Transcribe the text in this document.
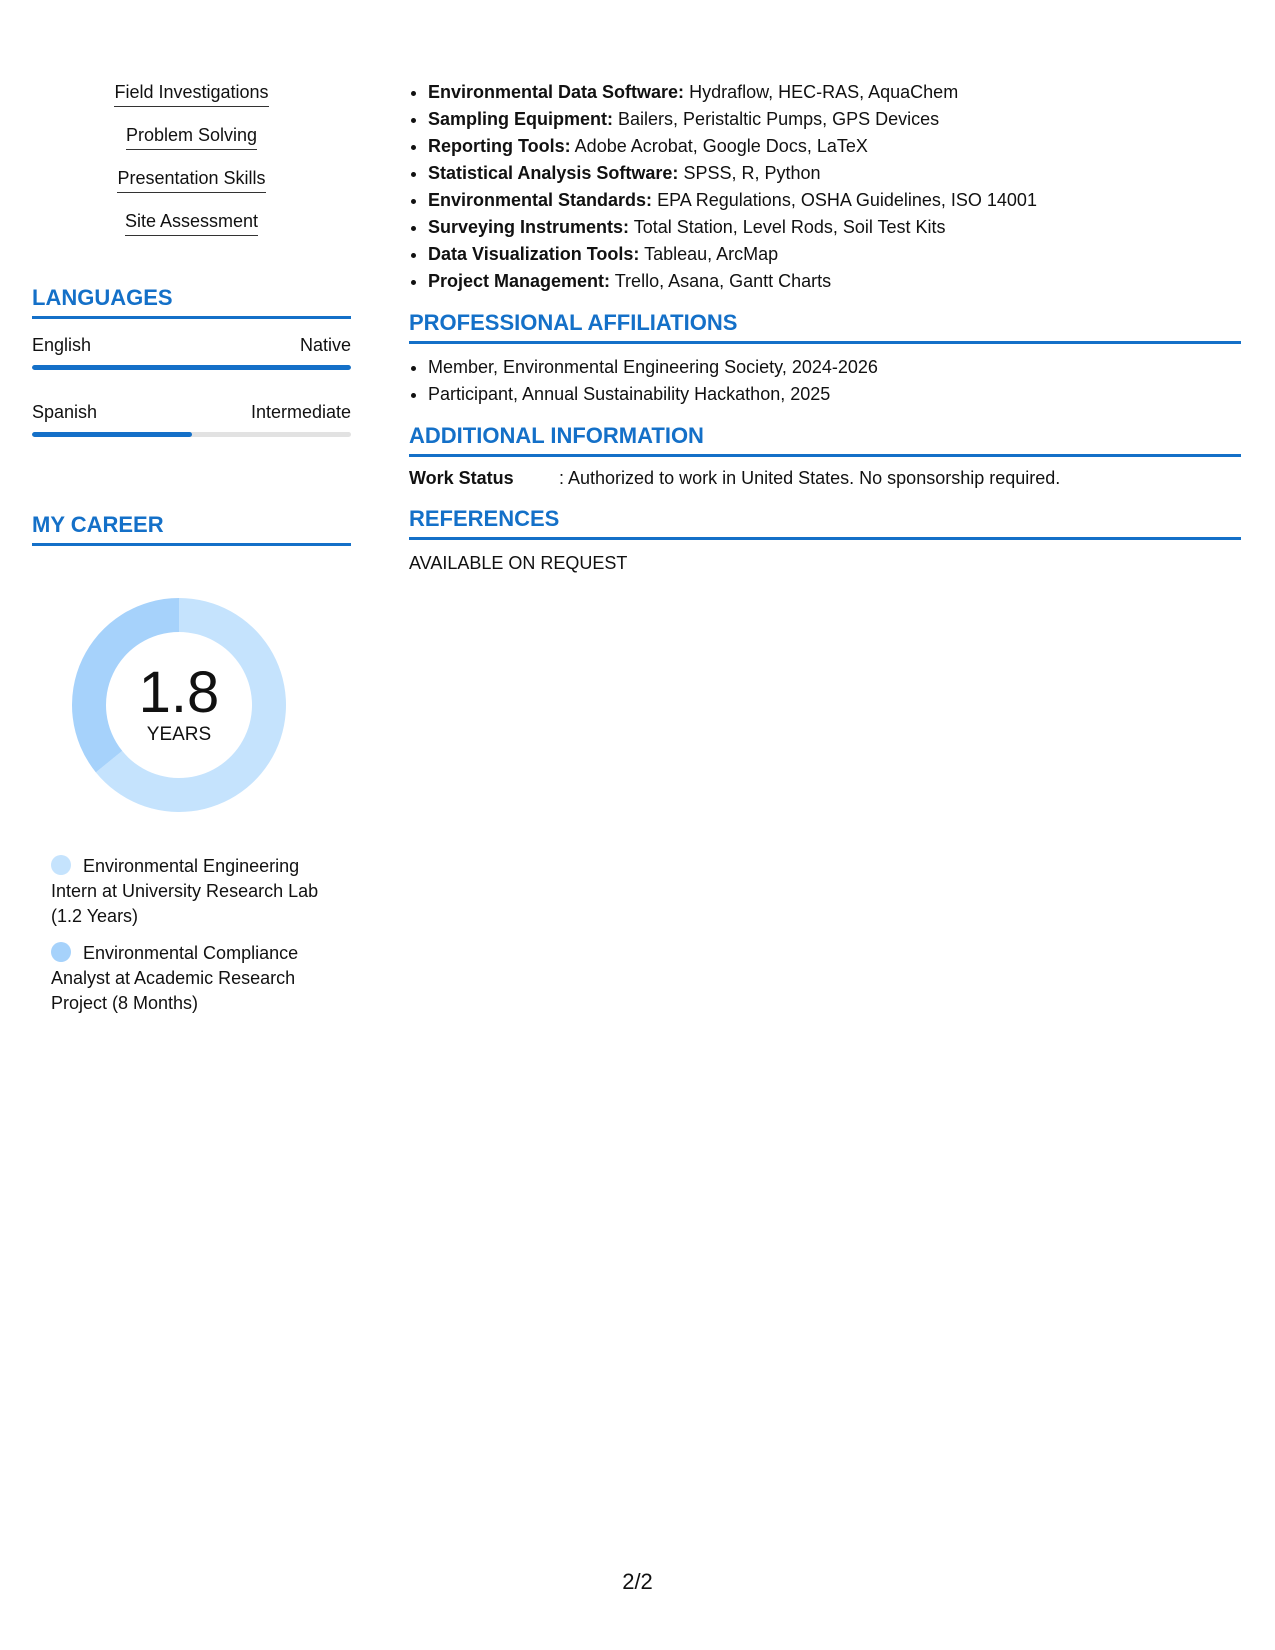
Field Investigations
Problem Solving
Presentation Skills
Site Assessment
LANGUAGES
English	Native
Spanish	Intermediate
MY CAREER
1.8
YEARS
Environmental Engineering Intern at University Research Lab (1.2 Years)
Environmental Compliance Analyst at Academic Research Project (8 Months)
• Environmental Data Software: Hydraflow, HEC-RAS, AquaChem
• Sampling Equipment: Bailers, Peristaltic Pumps, GPS Devices
• Reporting Tools: Adobe Acrobat, Google Docs, LaTeX
• Statistical Analysis Software: SPSS, R, Python
• Environmental Standards: EPA Regulations, OSHA Guidelines, ISO 14001
• Surveying Instruments: Total Station, Level Rods, Soil Test Kits
• Data Visualization Tools: Tableau, ArcMap
• Project Management: Trello, Asana, Gantt Charts
PROFESSIONAL AFFILIATIONS
• Member, Environmental Engineering Society, 2024-2026
• Participant, Annual Sustainability Hackathon, 2025
ADDITIONAL INFORMATION
Work Status	: Authorized to work in United States. No sponsorship required.
REFERENCES
AVAILABLE ON REQUEST
2/2
